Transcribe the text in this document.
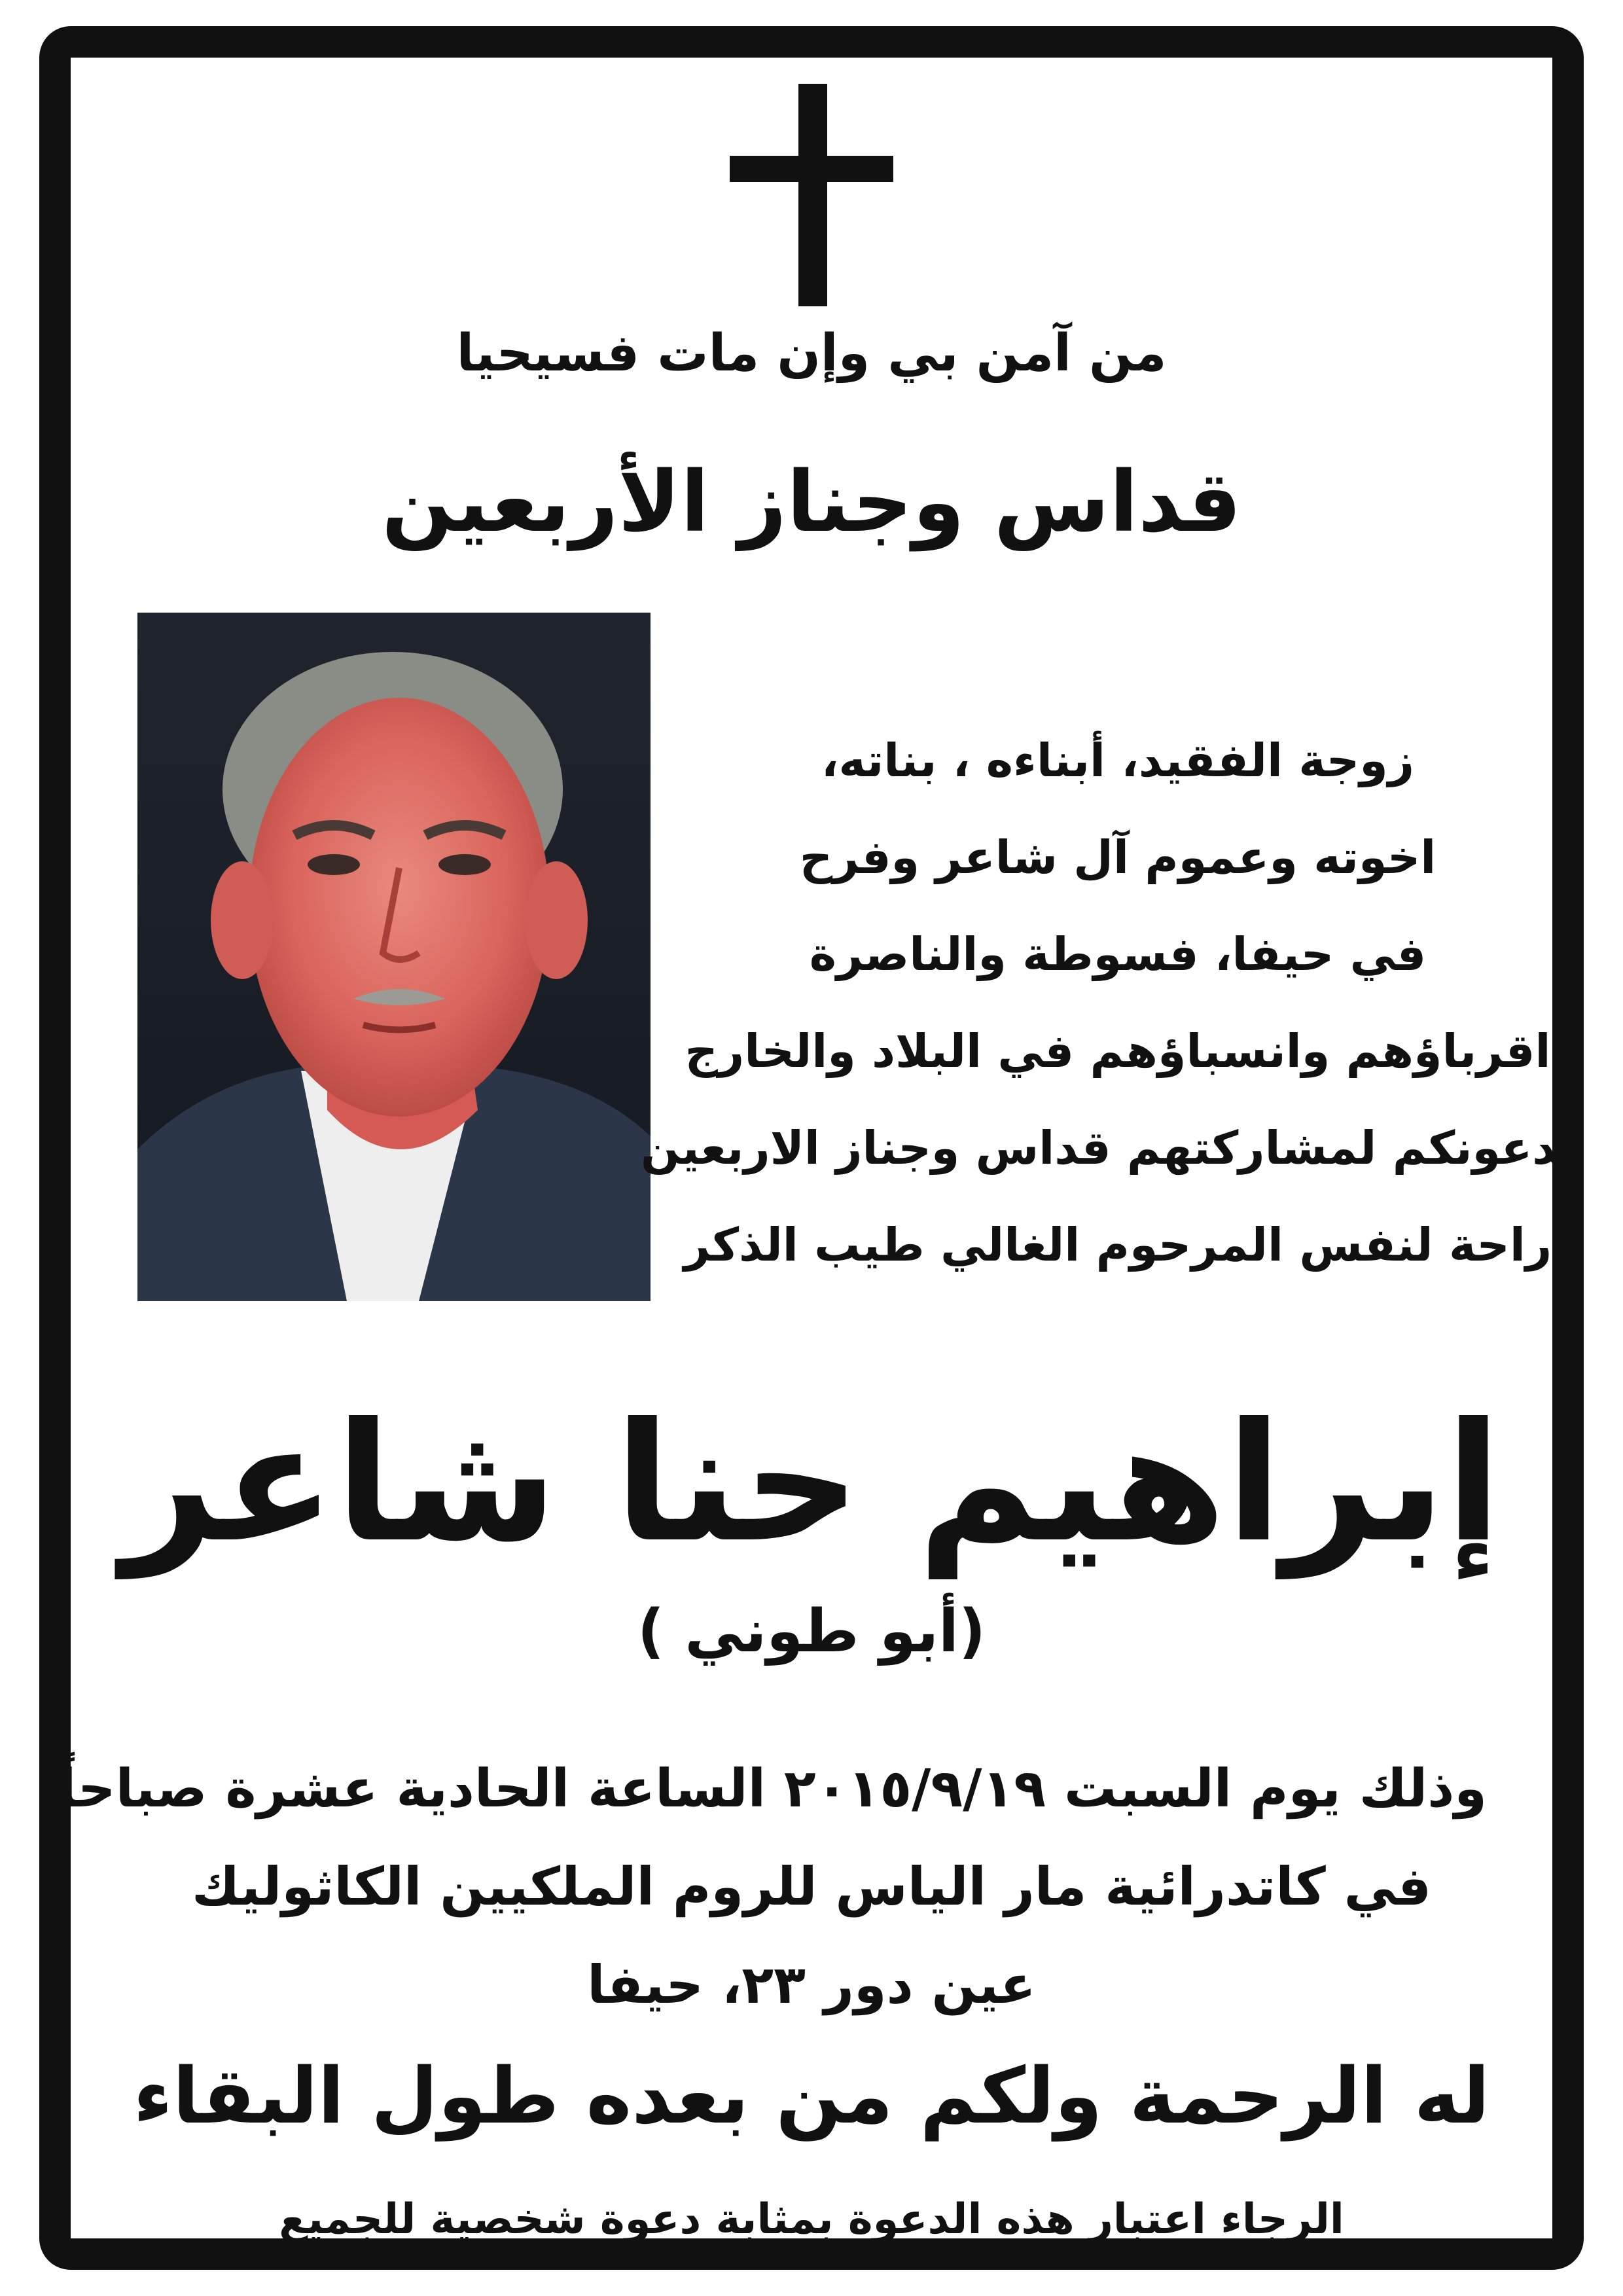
من آمن بي وإن مات فسيحيا
قداس وجناز الأربعين
زوجة الفقيد، أبناءه ، بناته،
اخوته وعموم آل شاعر وفرح
في حيفا، فسوطة والناصرة
اقرباؤهم وانسباؤهم في البلاد والخارج
يدعونكم لمشاركتهم قداس وجناز الاربعين
راحة لنفس المرحوم الغالي طيب الذكر
إبراهيم حنا شاعر
(أبو طوني )
وذلك يوم السبت ٢٠١٥/٩/١٩ الساعة الحادية عشرة صباحاً
في كاتدرائية مار الياس للروم الملكيين الكاثوليك
عين دور ٢٣، حيفا
له الرحمة ولكم من بعده طول البقاء
الرجاء اعتبار هذه الدعوة بمثابة دعوة شخصية للجميع
